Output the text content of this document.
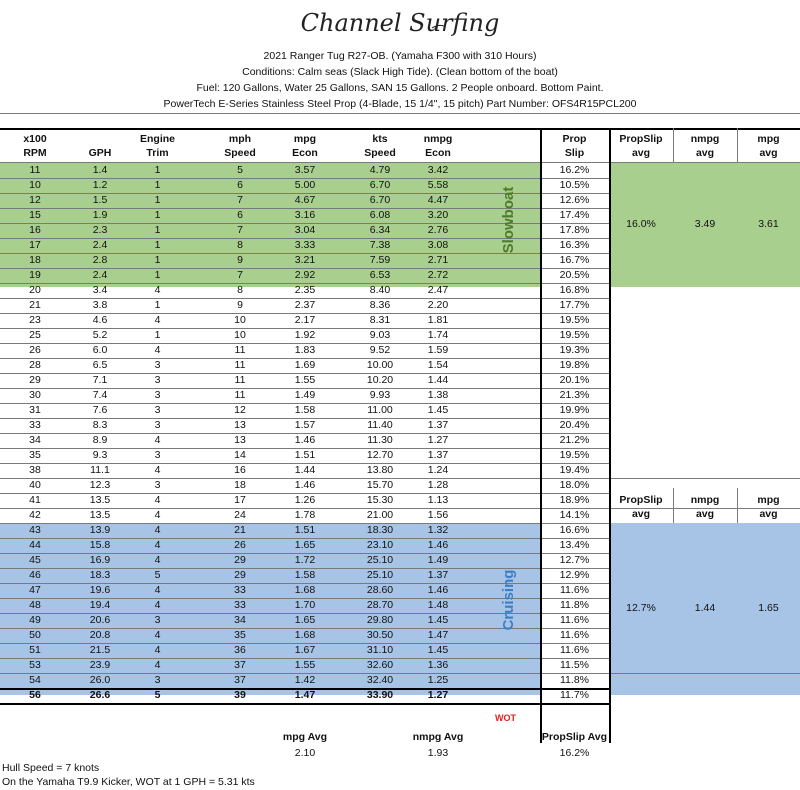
Channel Surfing
2021 Ranger Tug R27-OB. (Yamaha F300 with 310 Hours)
Conditions: Calm seas (Slack High Tide). (Clean bottom of the boat)
Fuel: 120 Gallons, Water 25 Gallons, SAN 15 Gallons. 2 People onboard. Bottom Paint.
PowerTech E-Series Stainless Steel Prop (4-Blade, 15 1/4", 15 pitch) Part Number: OFS4R15PCL200
x100
RPM	GPH
Engine
Trim
mph
Speed
mpg
Econ
kts
Speed
nmpg
Econ
Prop
Slip
PropSlip
avg
nmpg
avg
mpg
avg
11	1.4	1	5	3.57	4.79	3.42	16.2%
10	1.2	1	6	5.00	6.70	5.58	10.5%
12	1.5	1	7	4.67	6.70	4.47	12.6%
15	1.9	1	6	3.16	6.08	3.20	17.4%
16	2.3	1	7	3.04	6.34	2.76	17.8%
17	2.4	1	8	3.33	7.38	3.08	16.3%
18	2.8	1	9	3.21	7.59	2.71	16.7%
19	2.4	1	7	2.92	6.53	2.72	20.5%
20	3.4	4	8	2.35	8.40	2.47	16.8%
21	3.8	1	9	2.37	8.36	2.20	17.7%
23	4.6	4	10	2.17	8.31	1.81	19.5%
25	5.2	1	10	1.92	9.03	1.74	19.5%
26	6.0	4	11	1.83	9.52	1.59	19.3%
28	6.5	3	11	1.69	10.00	1.54	19.8%
29	7.1	3	11	1.55	10.20	1.44	20.1%
30	7.4	3	11	1.49	9.93	1.38	21.3%
31	7.6	3	12	1.58	11.00	1.45	19.9%
33	8.3	3	13	1.57	11.40	1.37	20.4%
34	8.9	4	13	1.46	11.30	1.27	21.2%
35	9.3	3	14	1.51	12.70	1.37	19.5%
38	11.1	4	16	1.44	13.80	1.24	19.4%
40	12.3	3	18	1.46	15.70	1.28	18.0%
41	13.5	4	17	1.26	15.30	1.13	18.9%
42	13.5	4	24	1.78	21.00	1.56	14.1%
43	13.9	4	21	1.51	18.30	1.32	16.6%
44	15.8	4	26	1.65	23.10	1.46	13.4%
45	16.9	4	29	1.72	25.10	1.49	12.7%
46	18.3	5	29	1.58	25.10	1.37	12.9%
47	19.6	4	33	1.68	28.60	1.46	11.6%
48	19.4	4	33	1.70	28.70	1.48	11.8%
49	20.6	3	34	1.65	29.80	1.45	11.6%
50	20.8	4	35	1.68	30.50	1.47	11.6%
51	21.5	4	36	1.67	31.10	1.45	11.6%
53	23.9	4	37	1.55	32.60	1.36	11.5%
54	26.0	3	37	1.42	32.40	1.25	11.8%
56	26.6	5	39	1.47	33.90	1.27	11.7%
Slowboat
Cruising
16.0%	3.49	3.61
PropSlip
avg
nmpg
avg
mpg
avg
12.7%	1.44	1.65
WOT
mpg Avg
2.10
nmpg Avg
1.93
PropSlip Avg
16.2%
Hull Speed = 7 knots
On the Yamaha T9.9 Kicker, WOT at 1 GPH = 5.31 kts
